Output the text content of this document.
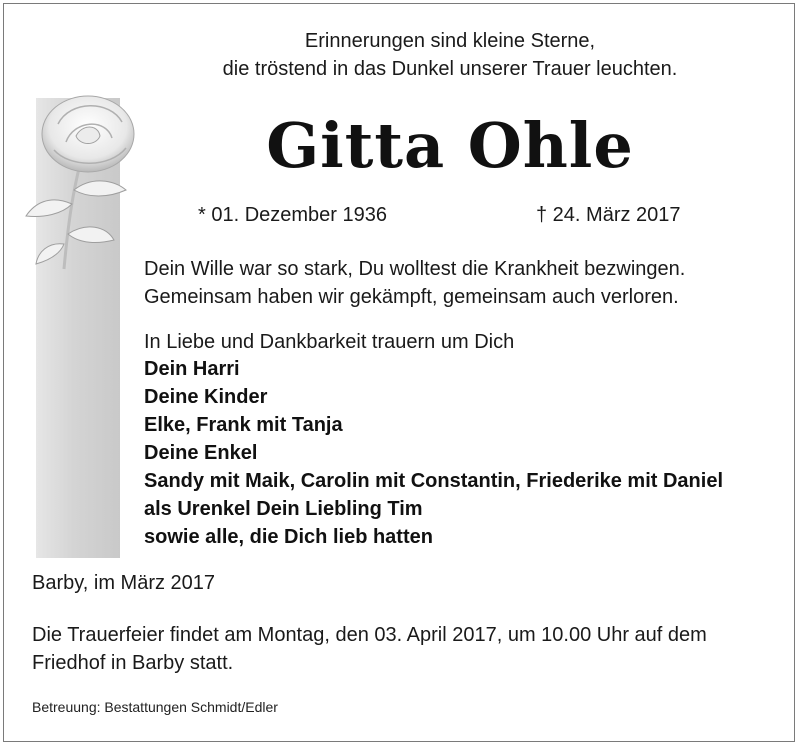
Erinnerungen sind kleine Sterne,
die tröstend in das Dunkel unserer Trauer leuchten.
Gitta Ohle
* 01. Dezember 1936	† 24. März 2017
Dein Wille war so stark, Du wolltest die Krankheit bezwingen.
Gemeinsam haben wir gekämpft, gemeinsam auch verloren.
In Liebe und Dankbarkeit trauern um Dich
Dein Harri
Deine Kinder
Elke, Frank mit Tanja
Deine Enkel
Sandy mit Maik, Carolin mit Constantin, Friederike mit Daniel
als Urenkel Dein Liebling Tim
sowie alle, die Dich lieb hatten
Barby, im März 2017
Die Trauerfeier findet am Montag, den 03. April 2017, um 10.00 Uhr auf dem
Friedhof in Barby statt.
Betreuung: Bestattungen Schmidt/Edler
